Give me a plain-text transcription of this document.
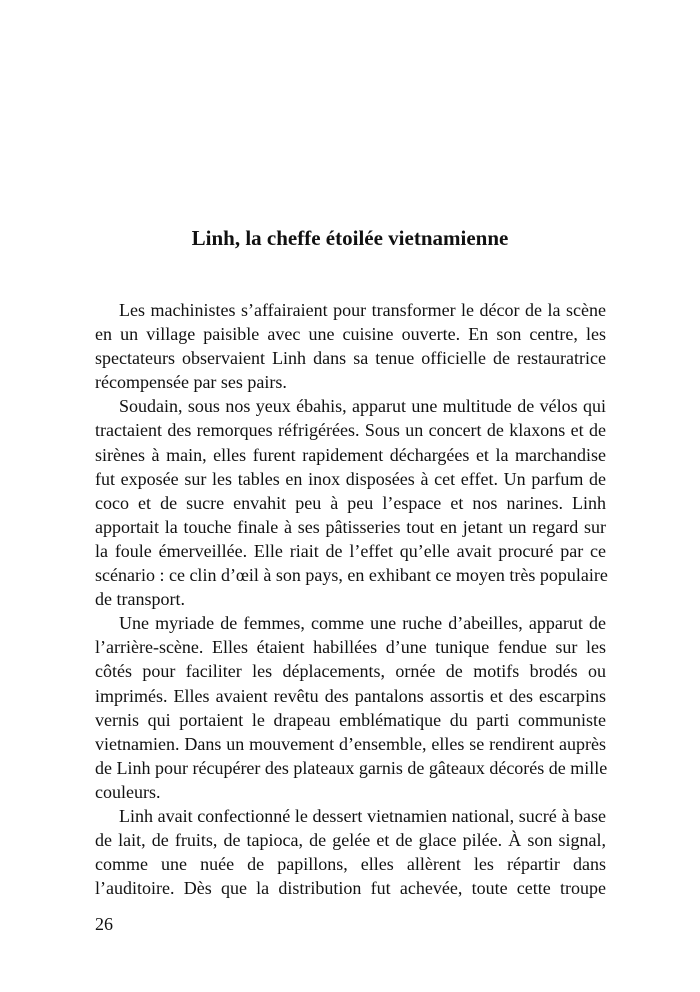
Linh, la cheffe étoilée vietnamienne
Les machinistes s’affairaient pour transformer le décor de la scène
en un village paisible avec une cuisine ouverte. En son centre, les
spectateurs observaient Linh dans sa tenue officielle de restauratrice
récompensée par ses pairs.
Soudain, sous nos yeux ébahis, apparut une multitude de vélos qui
tractaient des remorques réfrigérées. Sous un concert de klaxons et de
sirènes à main, elles furent rapidement déchargées et la marchandise
fut exposée sur les tables en inox disposées à cet effet. Un parfum de
coco et de sucre envahit peu à peu l’espace et nos narines. Linh
apportait la touche finale à ses pâtisseries tout en jetant un regard sur
la foule émerveillée. Elle riait de l’effet qu’elle avait procuré par ce
scénario : ce clin d’œil à son pays, en exhibant ce moyen très populaire
de transport.
Une myriade de femmes, comme une ruche d’abeilles, apparut de
l’arrière-scène. Elles étaient habillées d’une tunique fendue sur les
côtés pour faciliter les déplacements, ornée de motifs brodés ou
imprimés. Elles avaient revêtu des pantalons assortis et des escarpins
vernis qui portaient le drapeau emblématique du parti communiste
vietnamien. Dans un mouvement d’ensemble, elles se rendirent auprès
de Linh pour récupérer des plateaux garnis de gâteaux décorés de mille
couleurs.
Linh avait confectionné le dessert vietnamien national, sucré à base
de lait, de fruits, de tapioca, de gelée et de glace pilée. À son signal,
comme une nuée de papillons, elles allèrent les répartir dans
l’auditoire. Dès que la distribution fut achevée, toute cette troupe
26
